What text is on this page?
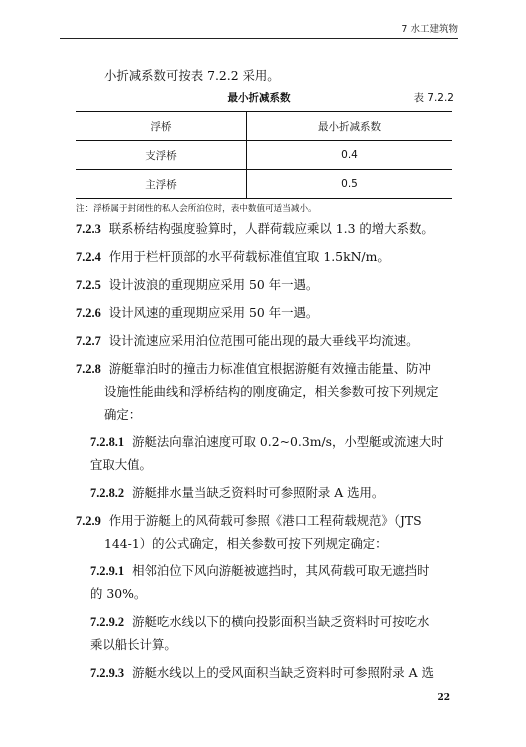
7 水工建筑物
小折减系数可按表 7.2.2 采用。
最小折减系数	表 7.2.2
浮桥	最小折减系数
支浮桥	0.4
主浮桥	0.5
注：浮桥属于封闭性的私人会所泊位时，表中数值可适当减小。
7.2.3 联系桥结构强度验算时，人群荷载应乘以 1.3 的增大系数。
7.2.4 作用于栏杆顶部的水平荷载标准值宜取 1.5kN/m。
7.2.5 设计波浪的重现期应采用 50 年一遇。
7.2.6 设计风速的重现期应采用 50 年一遇。
7.2.7 设计流速应采用泊位范围可能出现的最大垂线平均流速。
7.2.8 游艇靠泊时的撞击力标准值宜根据游艇有效撞击能量、防冲
设施性能曲线和浮桥结构的刚度确定，相关参数可按下列规定
确定：
7.2.8.1 游艇法向靠泊速度可取 0.2~0.3m/s，小型艇或流速大时
宜取大值。
7.2.8.2 游艇排水量当缺乏资料时可参照附录 A 选用。
7.2.9 作用于游艇上的风荷载可参照《港口工程荷载规范》（JTS
144-1）的公式确定，相关参数可按下列规定确定：
7.2.9.1 相邻泊位下风向游艇被遮挡时，其风荷载可取无遮挡时
的 30%。
7.2.9.2 游艇吃水线以下的横向投影面积当缺乏资料时可按吃水
乘以船长计算。
7.2.9.3 游艇水线以上的受风面积当缺乏资料时可参照附录 A 选
22
